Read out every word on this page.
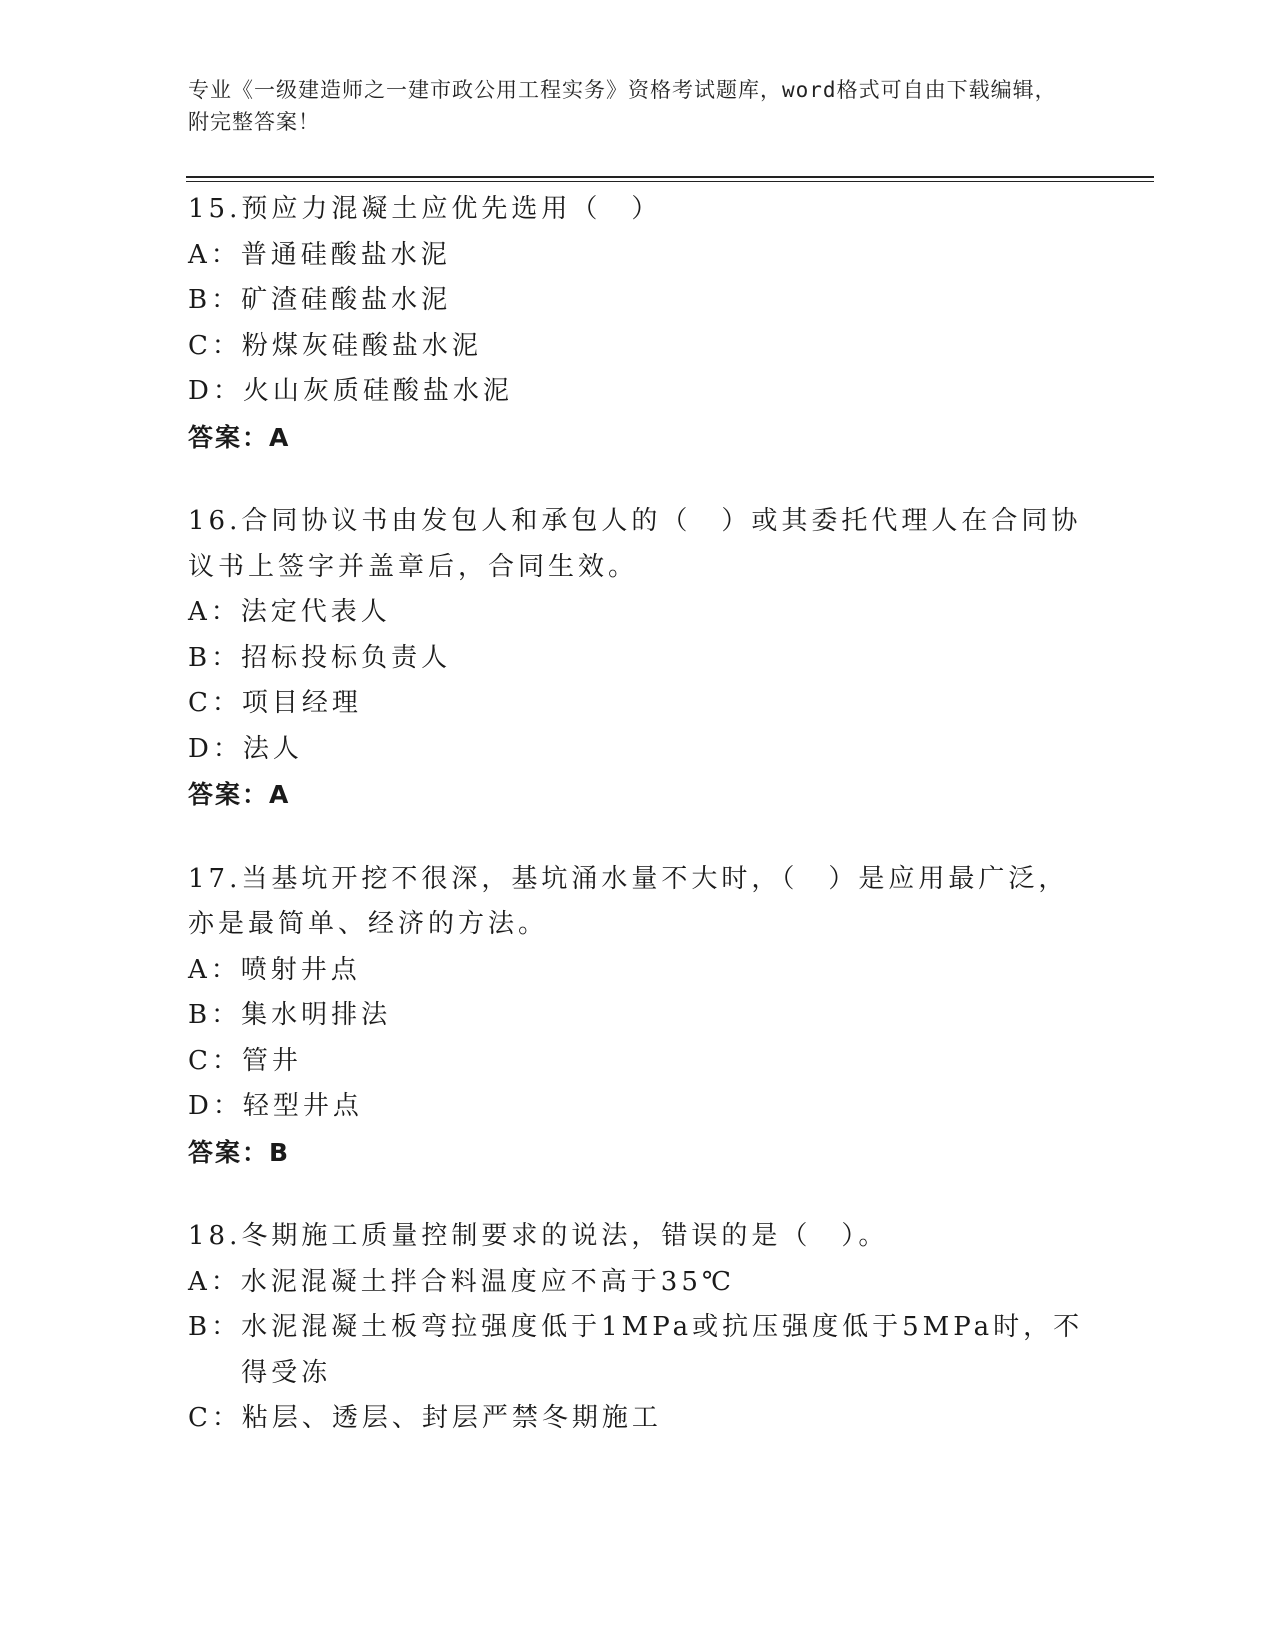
专业《一级建造师之一建市政公用工程实务》资格考试题库，word格式可自由下载编辑，附完整答案！
15.预应力混凝土应优先选用（　）
A： 普通硅酸盐水泥
B： 矿渣硅酸盐水泥
C： 粉煤灰硅酸盐水泥
D： 火山灰质硅酸盐水泥
答案：A
16.合同协议书由发包人和承包人的（　）或其委托代理人在合同协议书上签字并盖章后，合同生效。
A： 法定代表人
B： 招标投标负责人
C： 项目经理
D： 法人
答案：A
17.当基坑开挖不很深，基坑涌水量不大时，（　）是应用最广泛，亦是最简单、经济的方法。
A： 喷射井点
B： 集水明排法
C： 管井
D： 轻型井点
答案：B
18.冬期施工质量控制要求的说法，错误的是（　）。
A： 水泥混凝土拌合料温度应不高于35℃
B： 水泥混凝土板弯拉强度低于1MPa或抗压强度低于5MPa时，不得受冻
C： 粘层、透层、封层严禁冬期施工
